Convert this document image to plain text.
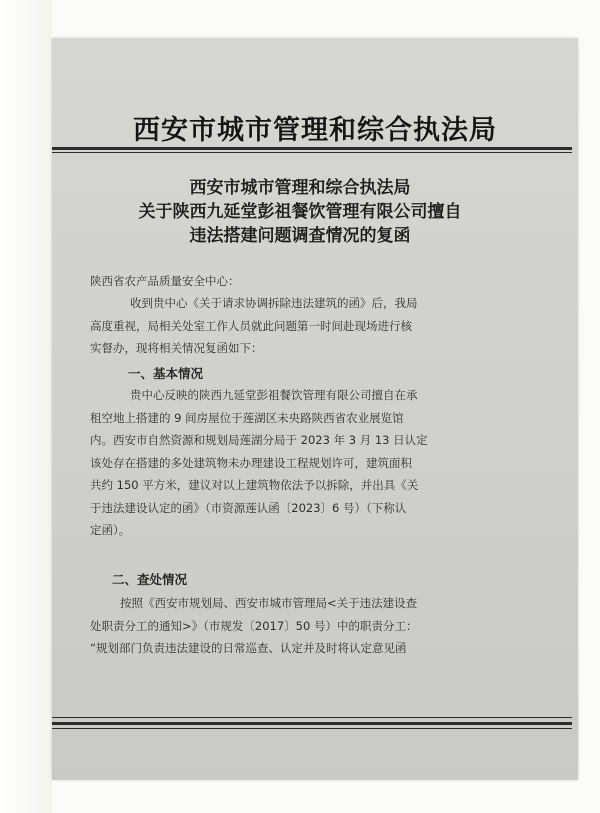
西安市城市管理和综合执法局
西安市城市管理和综合执法局
关于陕西九延堂彭祖餐饮管理有限公司擅自
违法搭建问题调查情况的复函
陕西省农产品质量安全中心：
收到贵中心《关于请求协调拆除违法建筑的函》后，我局
高度重视，局相关处室工作人员就此问题第一时间赴现场进行核
实督办，现将相关情况复函如下：
一、基本情况
贵中心反映的陕西九延堂彭祖餐饮管理有限公司擅自在承
租空地上搭建的 9 间房屋位于莲湖区未央路陕西省农业展览馆
内。西安市自然资源和规划局莲湖分局于 2023 年 3 月 13 日认定
该处存在搭建的多处建筑物未办理建设工程规划许可，建筑面积
共约 150 平方米，建议对以上建筑物依法予以拆除，并出具《关
于违法建设认定的函》（市资源莲认函〔2023〕6 号）（下称认
定函）。
二、查处情况
按照《西安市规划局、西安市城市管理局<关于违法建设查
处职责分工的通知>》（市规发〔2017〕50 号）中的职责分工：
“规划部门负责违法建设的日常巡查、认定并及时将认定意见函
